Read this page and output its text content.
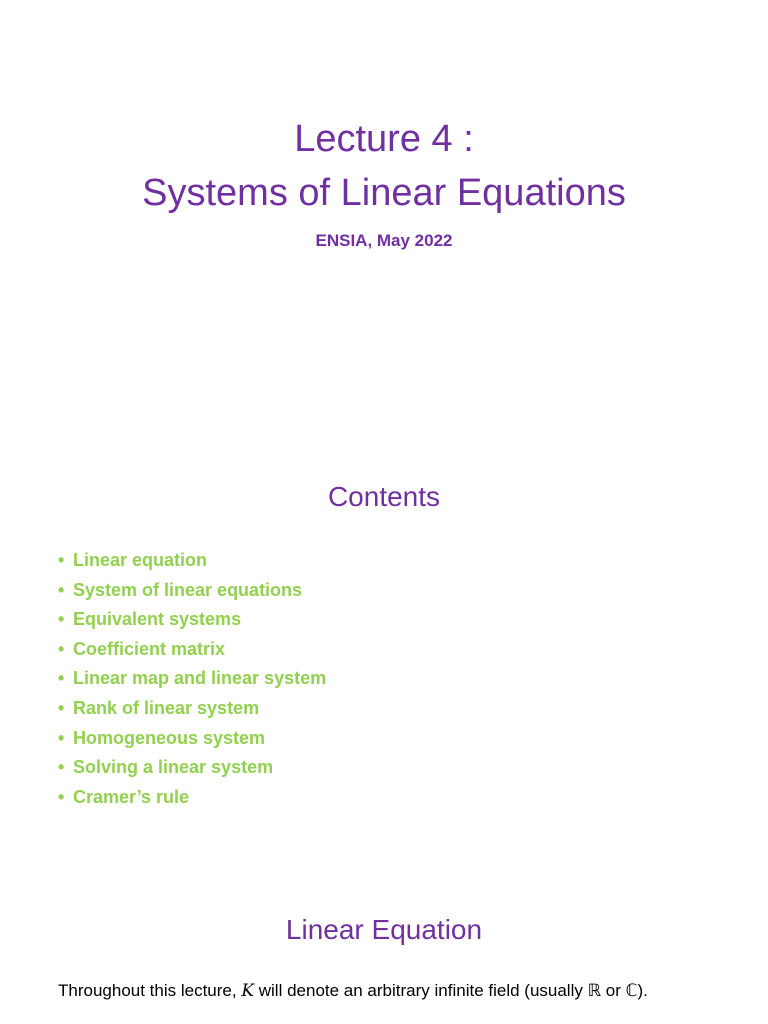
Lecture 4 :
Systems of Linear Equations

ENSIA, May 2022

Contents
• Linear equation
• System of linear equations
• Equivalent systems
• Coefficient matrix
• Linear map and linear system
• Rank of linear system
• Homogeneous system
• Solving a linear system
• Cramer’s rule
Linear Equation

Throughout this lecture, K will denote an arbitrary infinite field (usually ℝ or ℂ).
